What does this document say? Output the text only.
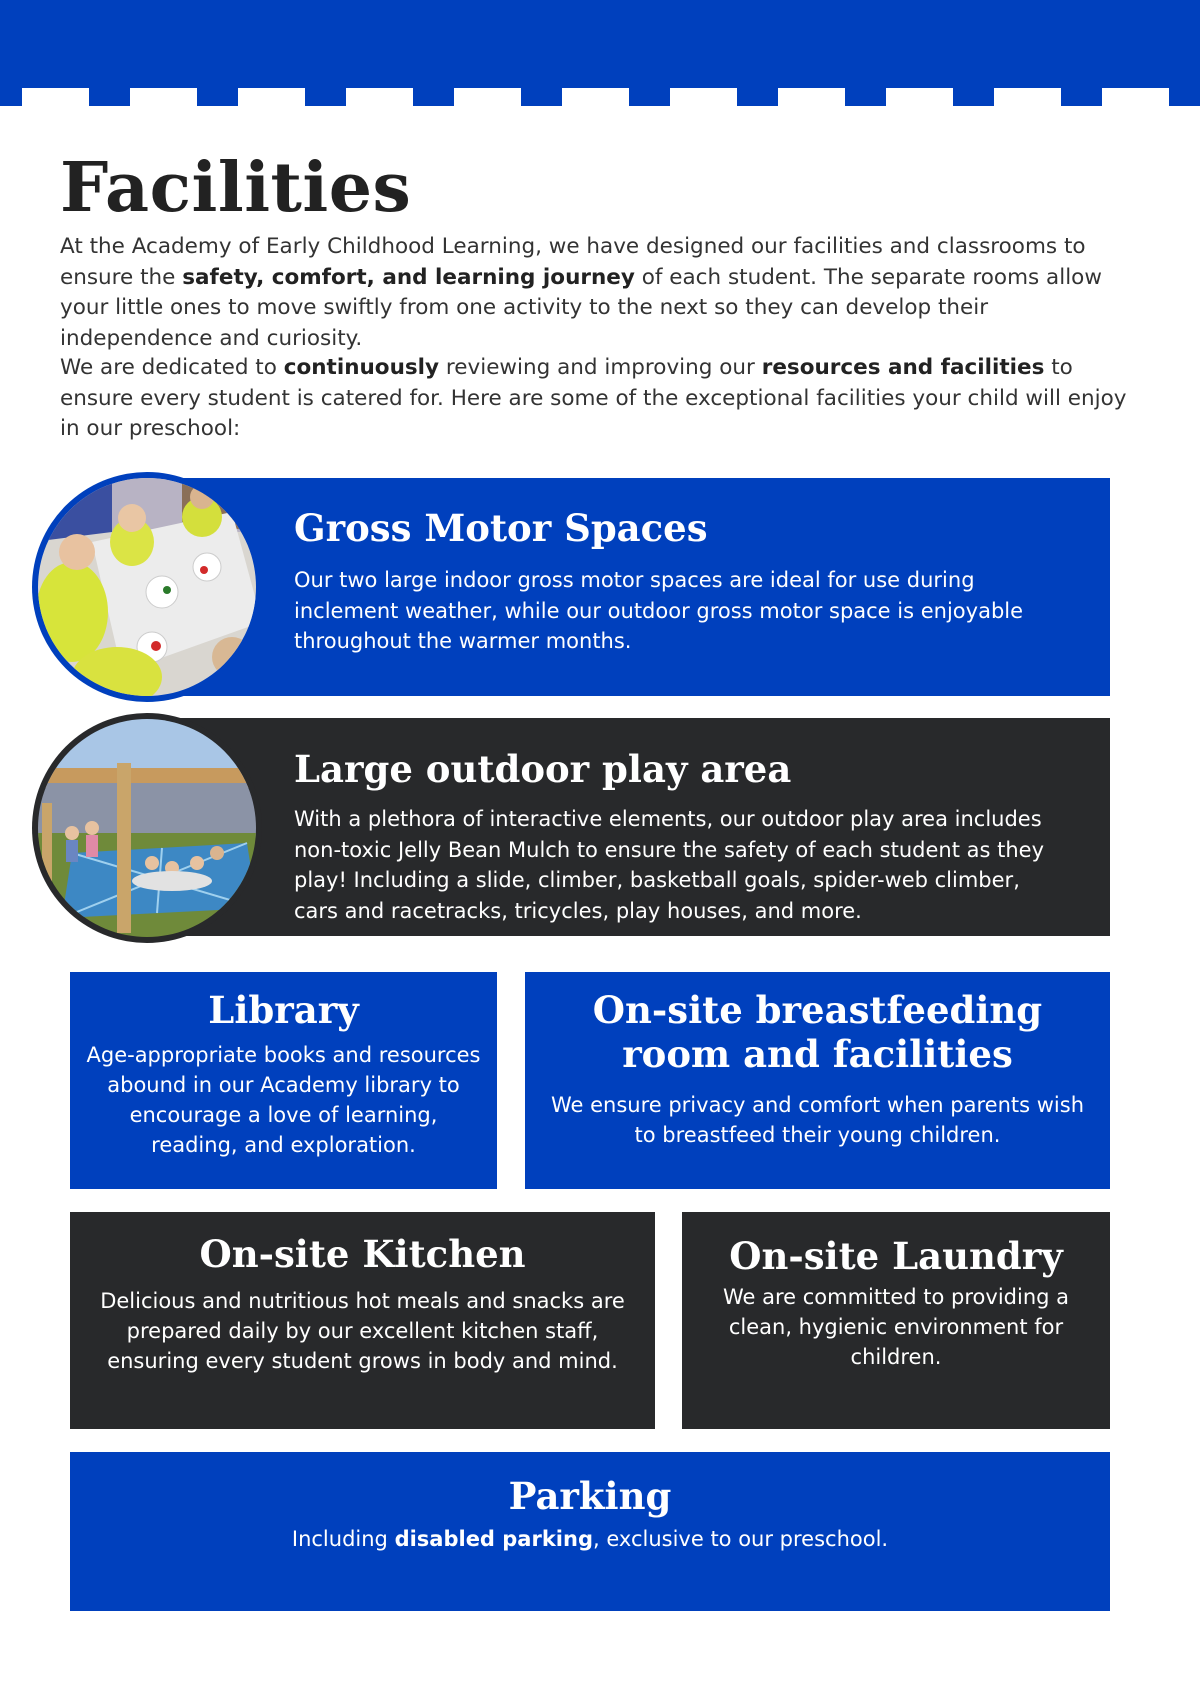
Facilities

At the Academy of Early Childhood Learning, we have designed our facilities and classrooms to ensure the safety, comfort, and learning journey of each student. The separate rooms allow your little ones to move swiftly from one activity to the next so they can develop their independence and curiosity.

We are dedicated to continuously reviewing and improving our resources and facilities to ensure every student is catered for. Here are some of the exceptional facilities your child will enjoy in our preschool:

Gross Motor Spaces

Our two large indoor gross motor spaces are ideal for use during inclement weather, while our outdoor gross motor space is enjoyable throughout the warmer months.

Large outdoor play area

With a plethora of interactive elements, our outdoor play area includes non-toxic Jelly Bean Mulch to ensure the safety of each student as they play! Including a slide, climber, basketball goals, spider-web climber, cars and racetracks, tricycles, play houses, and more.

Library

Age-appropriate books and resources abound in our Academy library to encourage a love of learning, reading, and exploration.

On-site breastfeeding
room and facilities

We ensure privacy and comfort when parents wish to breastfeed their young children.

On-site Kitchen

Delicious and nutritious hot meals and snacks are prepared daily by our excellent kitchen staff, ensuring every student grows in body and mind.

On-site Laundry

We are committed to providing a clean, hygienic environment for children.

Parking

Including disabled parking, exclusive to our preschool.
